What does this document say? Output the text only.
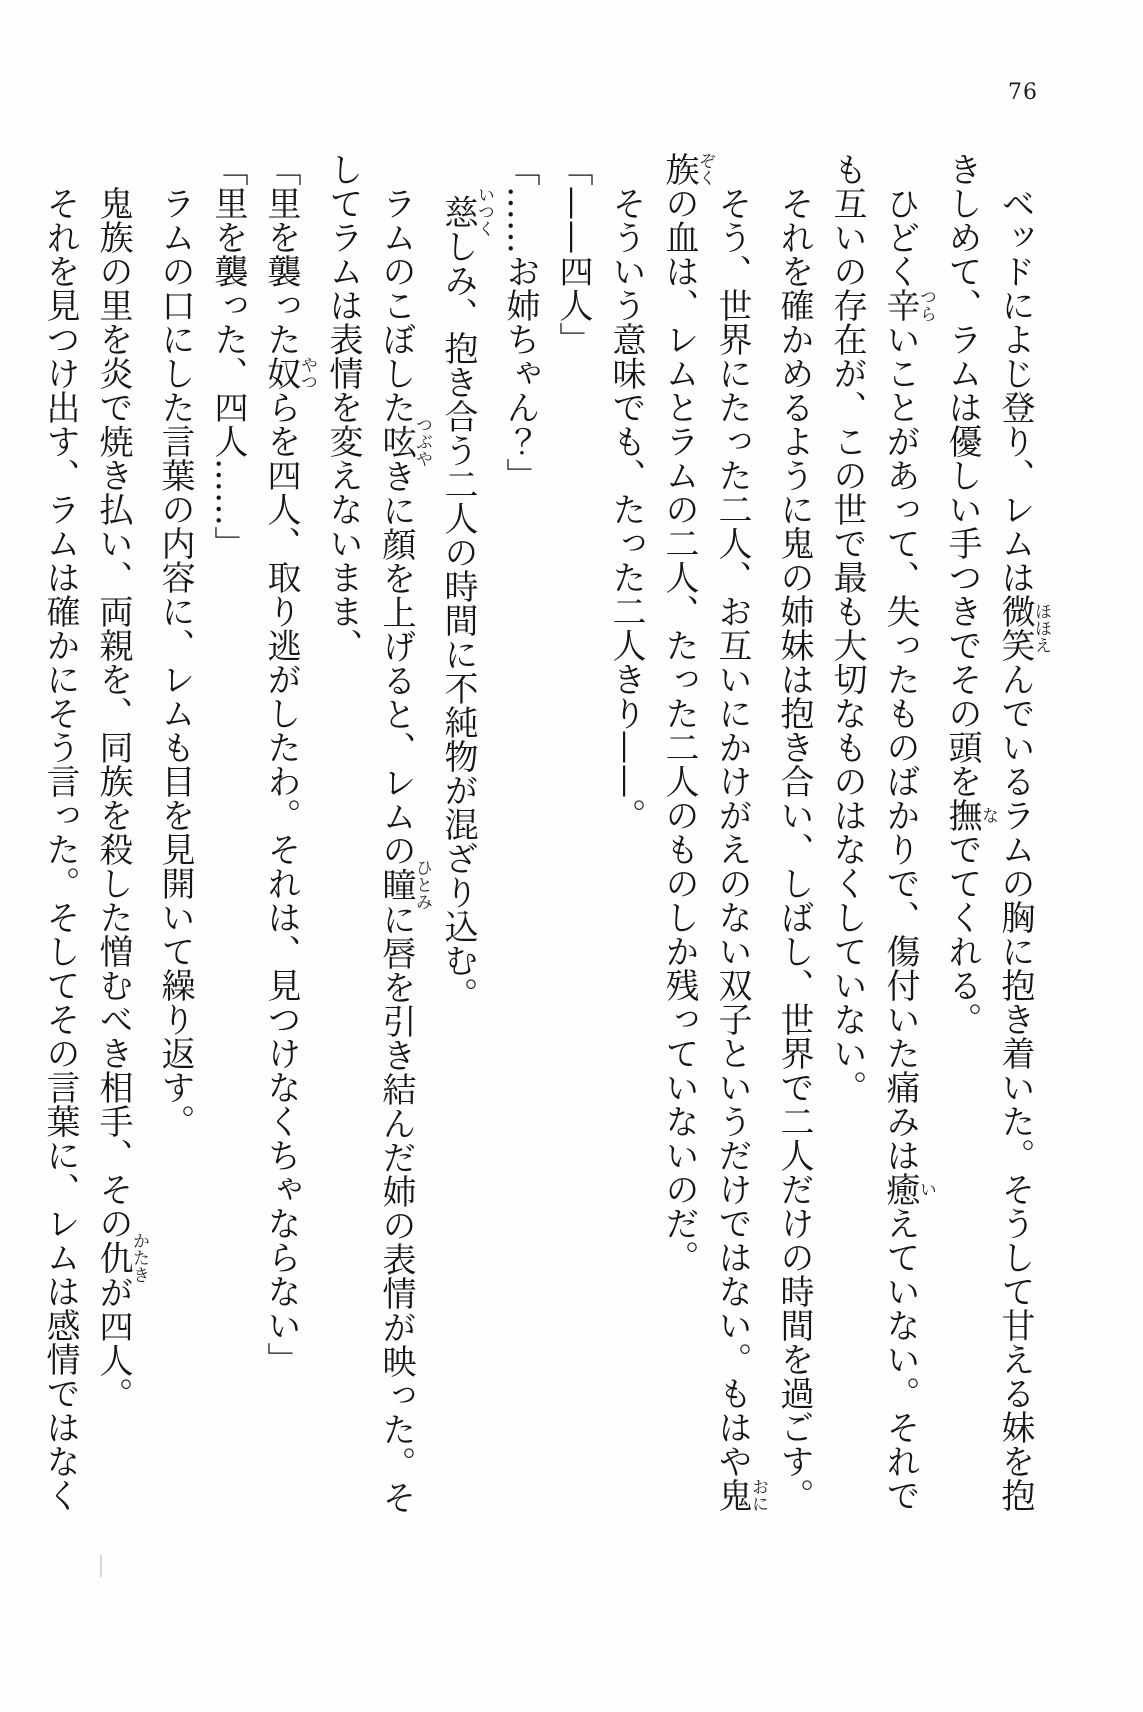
76

ベッドによじ登り、レムは微笑ほほえんでいるラムの胸に抱き着いた。そうして甘える妹を抱きしめて、ラムは優しい手つきでその頭を撫なでてくれる。

ひどく辛つらいことがあって、失ったものばかりで、傷付いた痛みは癒いえていない。それでも互いの存在が、この世で最も大切なものはなくしていない。

それを確かめるように鬼の姉妹は抱き合い、しばし、世界で二人だけの時間を過ごす。

そう、世界にたった二人、お互いにかけがえのない双子というだけではない。もはや鬼おに族ぞくの血は、レムとラムの二人、たった二人のものしか残っていないのだ。

そういう意味でも、たった二人きり——。

「——四人」

「……お姉ちゃん？」

慈いつくしみ、抱き合う二人の時間に不純物が混ざり込む。

ラムのこぼした呟つぶやきに顔を上げると、レムの瞳ひとみに唇を引き結んだ姉の表情が映った。そしてラムは表情を変えないまま、

「里を襲った奴やつらを四人、取り逃がしたわ。それは、見つけなくちゃならない」

「里を襲った、四人……」

ラムの口にした言葉の内容に、レムも目を見開いて繰り返す。

鬼族の里を炎で焼き払い、両親を、同族を殺した憎むべき相手、その仇かたきが四人。

それを見つけ出す、ラムは確かにそう言った。そしてその言葉に、レムは感情ではなく
